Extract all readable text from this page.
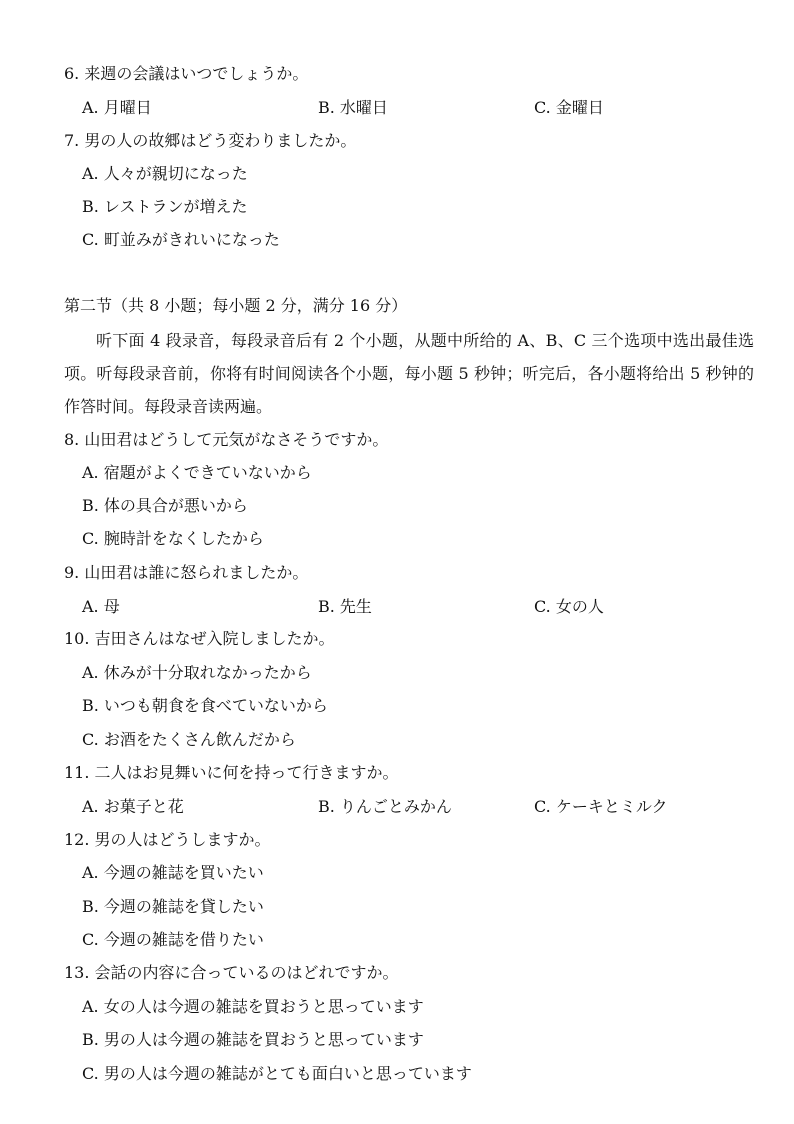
6. 来週の会議はいつでしょうか。
A. 月曜日	B. 水曜日	C. 金曜日
7. 男の人の故郷はどう変わりましたか。
A. 人々が親切になった
B. レストランが増えた
C. 町並みがきれいになった
第二节（共 8 小题；每小题 2 分，满分 16 分）
听下面 4 段录音，每段录音后有 2 个小题，从题中所给的 A、B、C 三个选项中选出最佳选项。听每段录音前，你将有时间阅读各个小题，每小题 5 秒钟；听完后，各小题将给出 5 秒钟的作答时间。每段录音读两遍。
8. 山田君はどうして元気がなさそうですか。
A. 宿題がよくできていないから
B. 体の具合が悪いから
C. 腕時計をなくしたから
9. 山田君は誰に怒られましたか。
A. 母	B. 先生	C. 女の人
10. 吉田さんはなぜ入院しましたか。
A. 休みが十分取れなかったから
B. いつも朝食を食べていないから
C. お酒をたくさん飲んだから
11. 二人はお見舞いに何を持って行きますか。
A. お菓子と花	B. りんごとみかん	C. ケーキとミルク
12. 男の人はどうしますか。
A. 今週の雑誌を買いたい
B. 今週の雑誌を貸したい
C. 今週の雑誌を借りたい
13. 会話の内容に合っているのはどれですか。
A. 女の人は今週の雑誌を買おうと思っています
B. 男の人は今週の雑誌を買おうと思っています
C. 男の人は今週の雑誌がとても面白いと思っています
